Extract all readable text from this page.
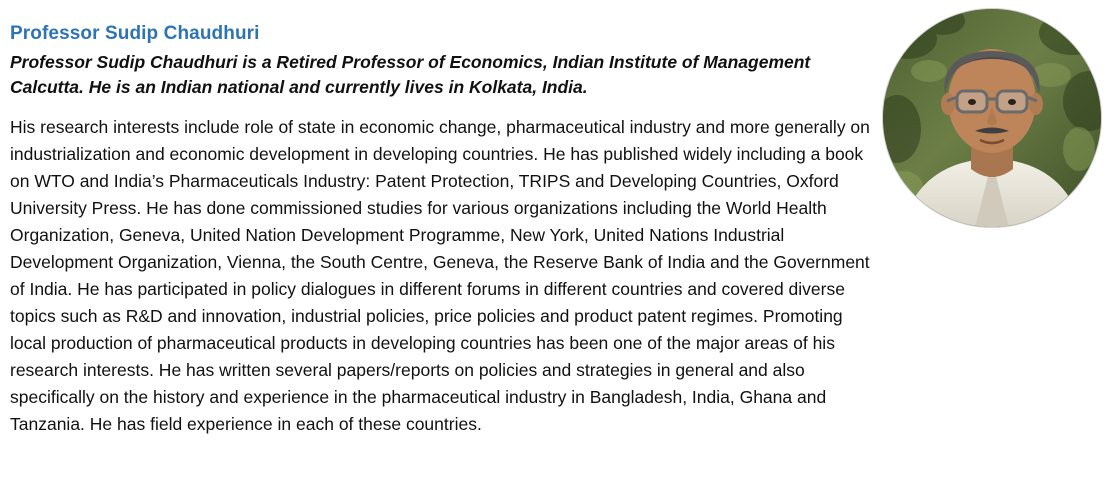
Professor Sudip Chaudhuri
Professor Sudip Chaudhuri is a Retired Professor of Economics, Indian Institute of Management Calcutta. He is an Indian national and currently lives in Kolkata, India.

His research interests include role of state in economic change, pharmaceutical industry and more generally on industrialization and economic development in developing countries. He has published widely including a book on WTO and India’s Pharmaceuticals Industry: Patent Protection, TRIPS and Developing Countries, Oxford University Press. He has done commissioned studies for various organizations including the World Health Organization, Geneva, United Nation Development Programme, New York, United Nations Industrial Development Organization, Vienna, the South Centre, Geneva, the Reserve Bank of India and the Government of India. He has participated in policy dialogues in different forums in different countries and covered diverse topics such as R&D and innovation, industrial policies, price policies and product patent regimes. Promoting local production of pharmaceutical products in developing countries has been one of the major areas of his research interests. He has written several papers/reports on policies and strategies in general and also specifically on the history and experience in the pharmaceutical industry in Bangladesh, India, Ghana and Tanzania. He has field experience in each of these countries.
